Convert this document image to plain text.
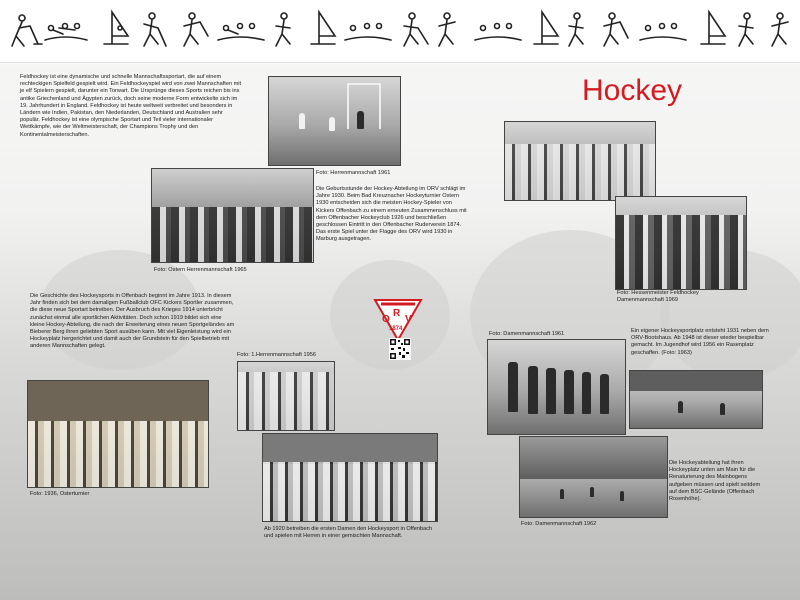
Hockey
Feldhockey ist eine dynamische und schnelle Mannschaftssportart, die auf einem rechteckigen Spielfeld gespielt wird. Ein Feldhockeyspiel wird von zwei Mannschaften mit je elf Spielern gespielt, darunter ein Torwart. Die Ursprünge dieses Sports reichen bis ins antike Griechenland und Ägypten zurück, doch seine moderne Form entwickelte sich im 19. Jahrhundert in England. Feldhockey ist heute weltweit verbreitet und besonders in Ländern wie Indien, Pakistan, den Niederlanden, Deutschland und Australien sehr populär. Feldhockey ist eine olympische Sportart und Teil vieler internationaler Wettkämpfe, wie der Weltmeisterschaft, der Champions Trophy und den Kontinentalmeisterschaften.
Foto: Herrenmannschaft 1961
Foto: Ostern Herrenmannschaft 1965
Die Geburtsstunde der Hockey-Abteilung im ORV schlägt im Jahre 1930. Beim Bad Kreuznacher Hockeyturnier Ostern 1930 entscheiden sich die meisten Hockey-Spieler von Kickers Offenbach zu einem erneuten Zusammenschluss mit dem Offenbacher Hockeyclub 1926 und beschließen geschlossen Eintritt in den Offenbacher Ruderverein 1874. Das erste Spiel unter der Flagge des ORV wird 1930 in Marburg ausgetragen.
Foto: Hessenmeister Feldhockey Damenmannschaft 1969
Die Geschichte des Hockeysports in Offenbach beginnt im Jahre 1913. In diesem Jahr finden sich bei dem damaligen Fußballclub OFC Kickers Sportler zusammen, die diese neue Sportart betreiben. Der Ausbruch des Krieges 1914 unterbricht zunächst einmal alle sportlichen Aktivitäten. Doch schon 1919 bildet sich eine kleine Hockey-Abteilung, die nach der Erweiterung eines neuen Sportgeländes am Bieberer Berg ihren geliebten Sport ausüben kann. Mit viel Eigenleistung wird ein Hockeyplatz hergerichtet und damit auch der Grundstein für den Spielbetrieb mit anderen Mannschaften gelegt.
O
R
V
1874
Foto: 1.Herrenmannschaft 1956
Foto: 1936, Osterturnier
Ab 1920 betreiben die ersten Damen den Hockeysport in Offenbach und spielen mit Herren in einer gemischten Mannschaft.
Foto: Damenmannschaft 1961	Ein eigener Hockeysportplatz entsteht 1931 neben dem ORV-Bootshaus. Ab 1948 ist dieser wieder bespielbar gemacht. Im Jugendhof wird 1956 ein Rasenplatz geschaffen. (Foto: 1963)
Foto: Damenmannschaft 1962
Die Hockeyabteilung hat ihren Hockeyplatz unten am Main für die Renaturierung des Mainbogens aufgeben müssen und spielt seitdem auf dem BSC-Gelände (Offenbach Rosenhöhe).
